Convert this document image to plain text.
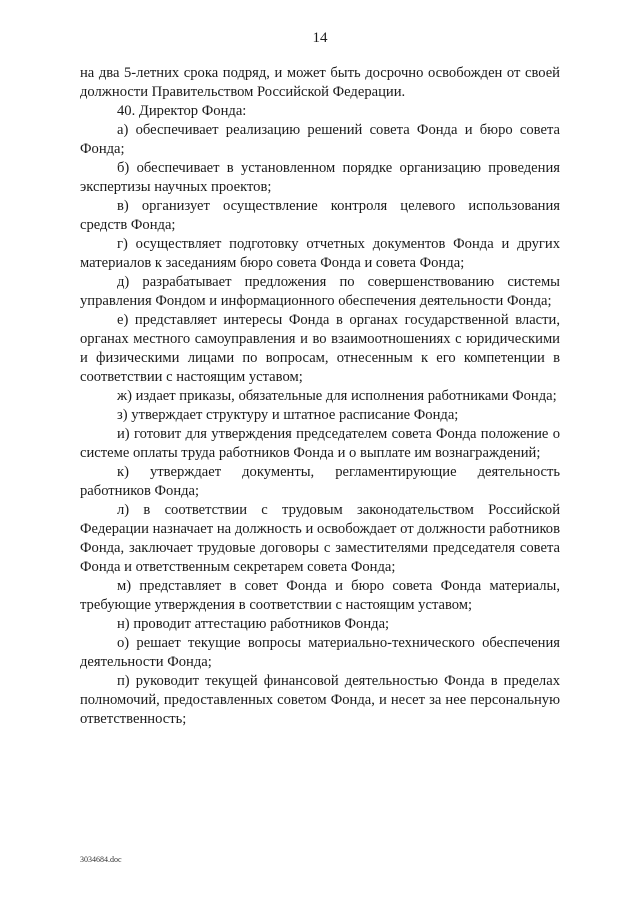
14

на два 5-летних срока подряд, и может быть досрочно освобожден от своей должности Правительством Российской Федерации.

40. Директор Фонда:

а) обеспечивает реализацию решений совета Фонда и бюро совета Фонда;

б) обеспечивает в установленном порядке организацию проведения экспертизы научных проектов;

в) организует осуществление контроля целевого использования средств Фонда;

г) осуществляет подготовку отчетных документов Фонда и других материалов к заседаниям бюро совета Фонда и совета Фонда;

д) разрабатывает предложения по совершенствованию системы управления Фондом и информационного обеспечения деятельности Фонда;

е) представляет интересы Фонда в органах государственной власти, органах местного самоуправления и во взаимоотношениях с юридическими и физическими лицами по вопросам, отнесенным к его компетенции в соответствии с настоящим уставом;

ж) издает приказы, обязательные для исполнения работниками Фонда;

з) утверждает структуру и штатное расписание Фонда;

и) готовит для утверждения председателем совета Фонда положение о системе оплаты труда работников Фонда и о выплате им вознаграждений;

к) утверждает документы, регламентирующие деятельность работников Фонда;

л) в соответствии с трудовым законодательством Российской Федерации назначает на должность и освобождает от должности работников Фонда, заключает трудовые договоры с заместителями председателя совета Фонда и ответственным секретарем совета Фонда;

м) представляет в совет Фонда и бюро совета Фонда материалы, требующие утверждения в соответствии с настоящим уставом;

н) проводит аттестацию работников Фонда;

о) решает текущие вопросы материально-технического обеспечения деятельности Фонда;

п) руководит текущей финансовой деятельностью Фонда в пределах полномочий, предоставленных советом Фонда, и несет за нее персональную ответственность;

3034684.doc
